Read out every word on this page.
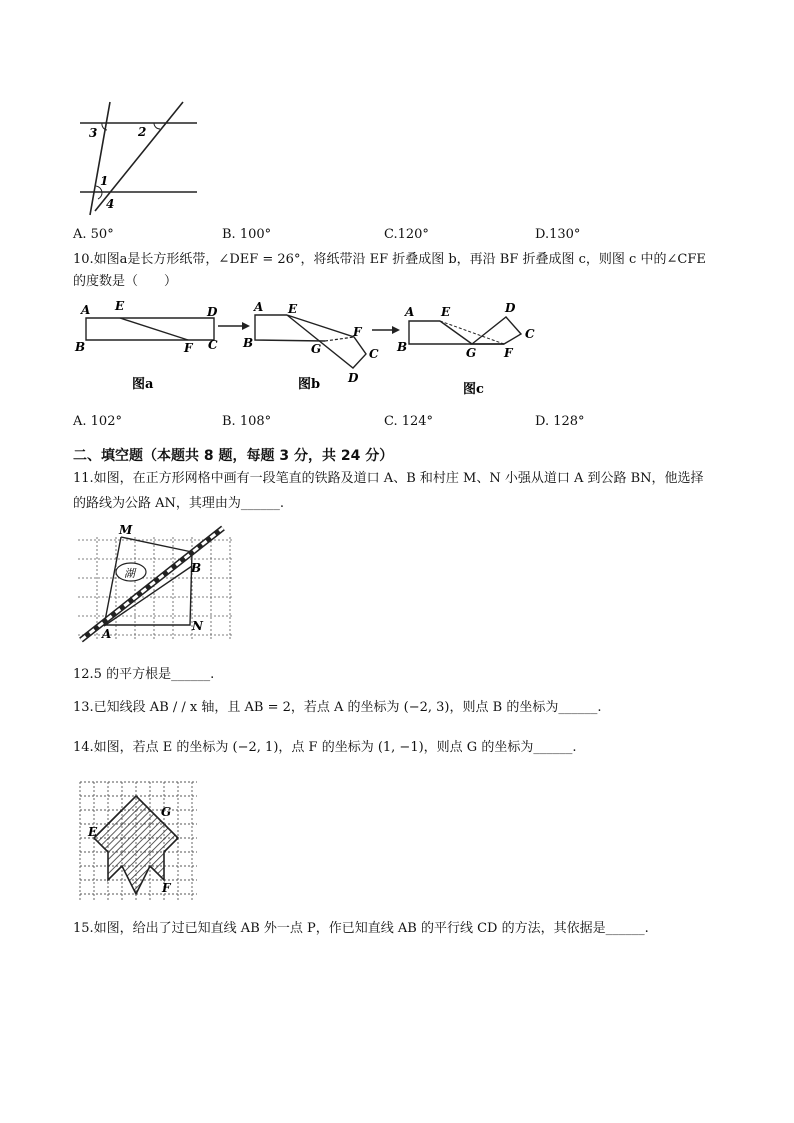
3	2
1
4
A. 50°	B. 100°	C.120°	D.130°
10.如图a是长方形纸带，∠DEF = 26°，将纸带沿 EF 折叠成图 b，再沿 BF 折叠成图 c，则图 c 中的∠CFE
的度数是（　　）
A E	D
B	F C
图a
A E
F
B	G	C
D
图b
A E	D
C
B	G F
图c
A. 102°	B. 108°	C. 124°	D. 128°
二、填空题（本题共 8 题，每题 3 分，共 24 分）
11.如图，在正方形网格中画有一段笔直的铁路及道口 A、B 和村庄 M、N 小强从道口 A 到公路 BN，他选择
的路线为公路 AN，其理由为______.
湖
M
B
A
N
12.5 的平方根是______.
13.已知线段 AB / / x 轴，且 AB = 2，若点 A 的坐标为 (−2, 3)，则点 B 的坐标为______.
14.如图，若点 E 的坐标为 (−2, 1)，点 F 的坐标为 (1, −1)，则点 G 的坐标为______.
G
E
F
15.如图，给出了过已知直线 AB 外一点 P，作已知直线 AB 的平行线 CD 的方法，其依据是______.
